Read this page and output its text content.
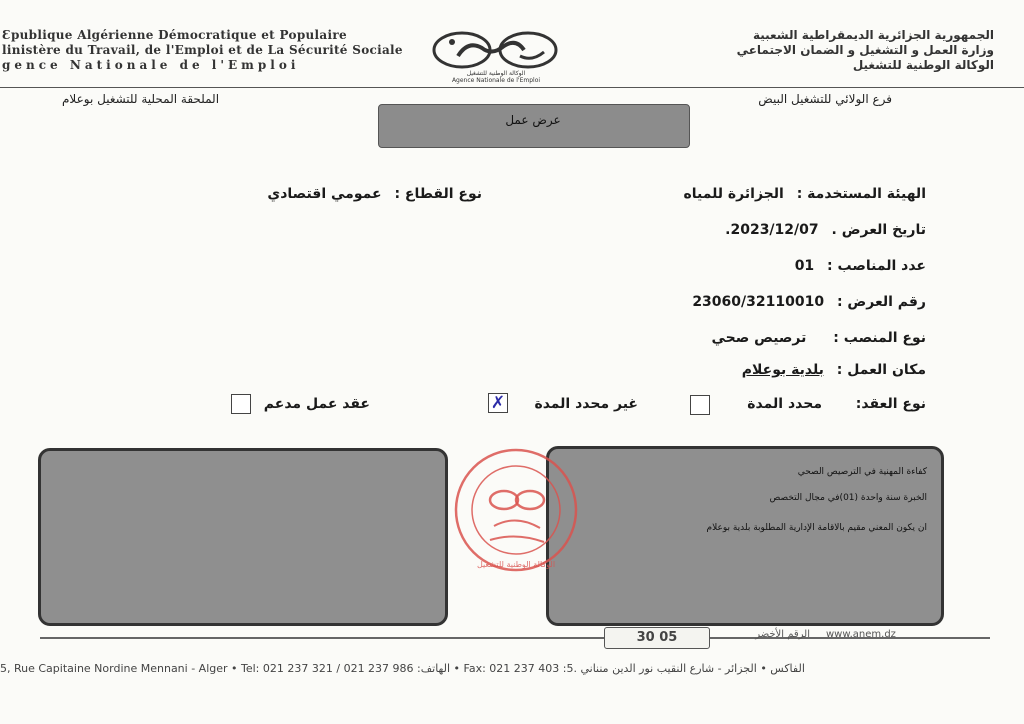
Ɛpublique Algérienne Démocratique et Populaire
linistère du Travail, de l'Emploi et de La Sécurité Sociale
gence Nationale de l'Emploi
الجمهورية الجزائرية الديمقراطية الشعبية
وزارة العمل و التشغيل و الضمان الاجتماعي
الوكالة الوطنية للتشغيل
الوكالة الوطنية للتشغيل
Agence Nationale de l'Emploi
فرع الولائي للتشغيل البيض
الملحقة المحلية للتشغيل بوعلام
عرض عمل
الهيئة المستخدمة : الجزائرة للمياه
نوع القطاع : عمومي اقتصادي
تاريخ العرض . 2023/12/07.
عدد المناصب : 01
رقم العرض : 23060/32110010
نوع المنصب : ترصيص صحي
مكان العمل : بلدية بوعلام
نوع العقد:
محدد المدة
غير محدد المدة
✗
عقد عمل مدعم
كفاءة المهنية في الترصيص الصحي
الخبرة سنة واحدة (01)في مجال التخصص
ان يكون المعني مقيم بالاقامة الإدارية المطلوبة بلدية بوعلام
الوكالة الوطنية للتشغيل
30 05	الرقم الأخضر www.anem.dz
5, Rue Capitaine Nordine Mennani - Alger • Tel: 021 237 321 / 021 237 986 :الهاتف • Fax: 021 237 403 :الفاكس • الجزائر - شارع النقيب نور الدين منناني .5
